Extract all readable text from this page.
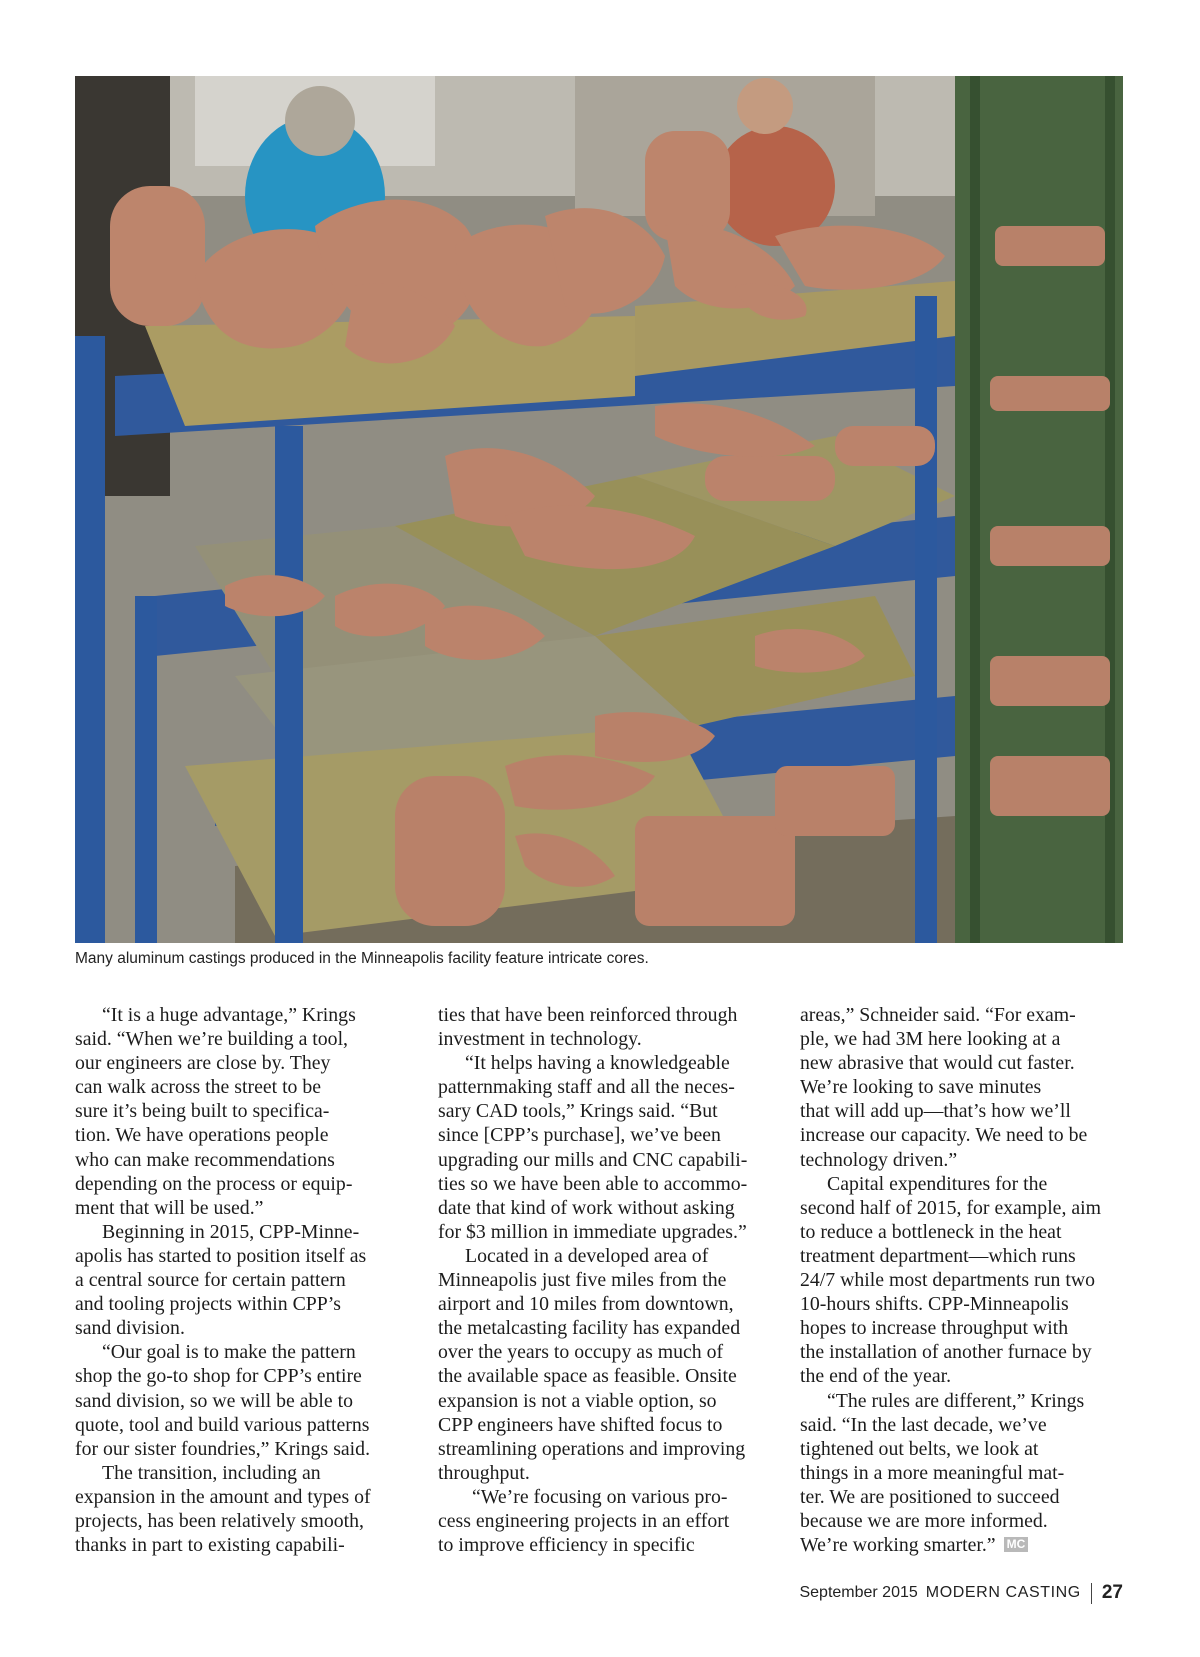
Many aluminum castings produced in the Minneapolis facility feature intricate cores.

“It is a huge advantage,” Krings
said. “When we’re building a tool,
our engineers are close by. They
can walk across the street to be
sure it’s being built to specifica-
tion. We have operations people
who can make recommendations
depending on the process or equip-
ment that will be used.”

Beginning in 2015, CPP-Minne-
apolis has started to position itself as
a central source for certain pattern
and tooling projects within CPP’s
sand division.

“Our goal is to make the pattern
shop the go-to shop for CPP’s entire
sand division, so we will be able to
quote, tool and build various patterns
for our sister foundries,” Krings said.

The transition, including an
expansion in the amount and types of
projects, has been relatively smooth,
thanks in part to existing capabili-

ties that have been reinforced through
investment in technology.

“It helps having a knowledgeable
patternmaking staff and all the neces-
sary CAD tools,” Krings said. “But
since [CPP’s purchase], we’ve been
upgrading our mills and CNC capabili-
ties so we have been able to accommo-
date that kind of work without asking
for $3 million in immediate upgrades.”

Located in a developed area of
Minneapolis just five miles from the
airport and 10 miles from downtown,
the metalcasting facility has expanded
over the years to occupy as much of
the available space as feasible. Onsite
expansion is not a viable option, so
CPP engineers have shifted focus to
streamlining operations and improving
throughput.

“We’re focusing on various pro-
cess engineering projects in an effort
to improve efficiency in specific

areas,” Schneider said. “For exam-
ple, we had 3M here looking at a
new abrasive that would cut faster.
We’re looking to save minutes
that will add up—that’s how we’ll
increase our capacity. We need to be
technology driven.”

Capital expenditures for the
second half of 2015, for example, aim
to reduce a bottleneck in the heat
treatment department—which runs
24/7 while most departments run two
10-hours shifts. CPP-Minneapolis
hopes to increase throughput with
the installation of another furnace by
the end of the year.

“The rules are different,” Krings
said. “In the last decade, we’ve
tightened out belts, we look at
things in a more meaningful mat-
ter. We are positioned to succeed
because we are more informed.
We’re working smarter.” MC

September 2015 MODERN CASTING 27
